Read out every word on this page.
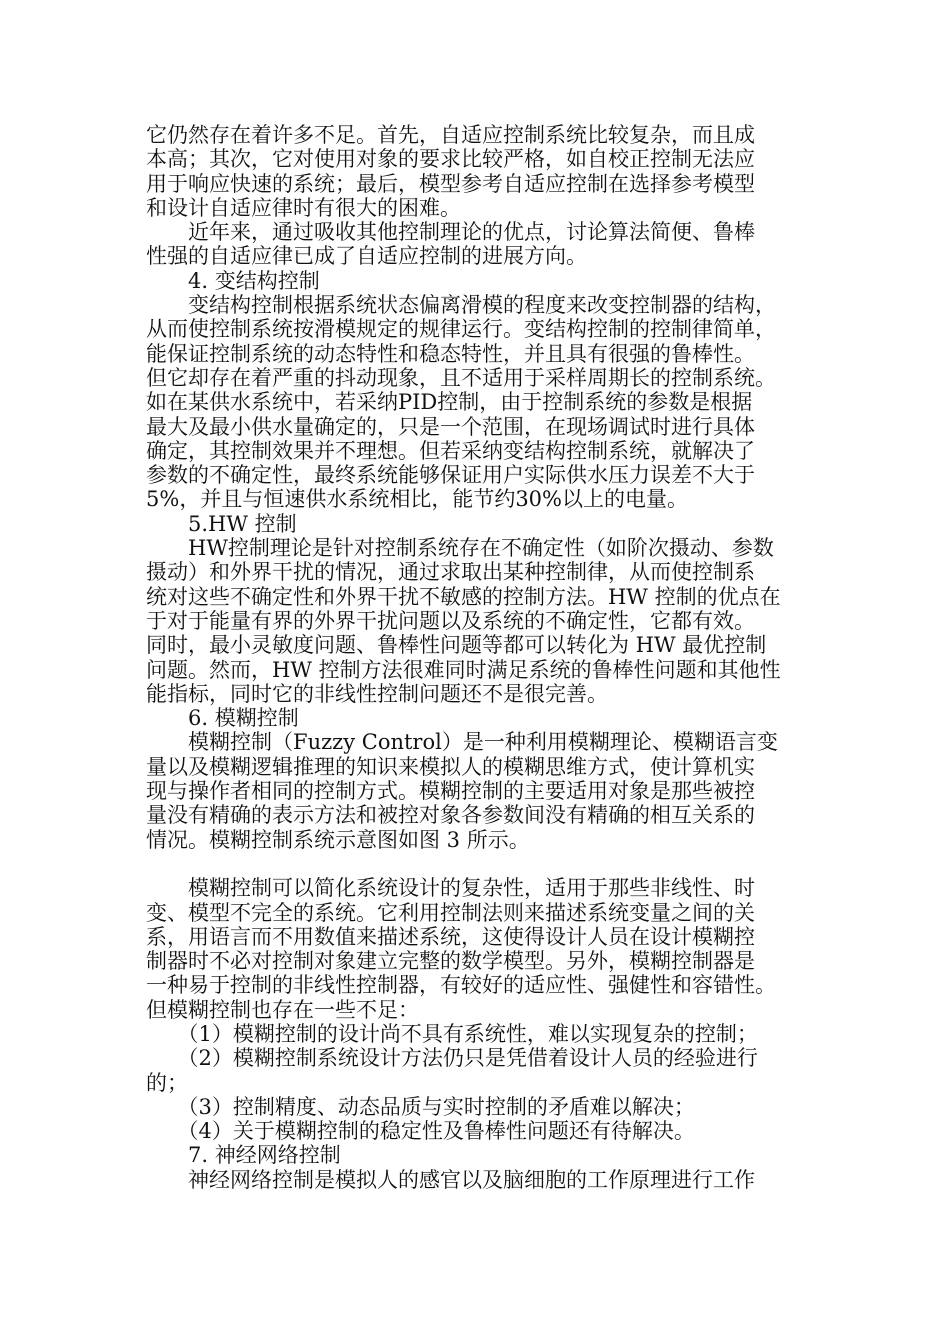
它仍然存在着许多不足。首先，自适应控制系统比较复杂，而且成
本高；其次，它对使用对象的要求比较严格，如自校正控制无法应
用于响应快速的系统；最后，模型参考自适应控制在选择参考模型
和设计自适应律时有很大的困难。
　　近年来，通过吸收其他控制理论的优点，讨论算法简便、鲁棒
性强的自适应律已成了自适应控制的进展方向。
　　4. 变结构控制
　　变结构控制根据系统状态偏离滑模的程度来改变控制器的结构，
从而使控制系统按滑模规定的规律运行。变结构控制的控制律简单，
能保证控制系统的动态特性和稳态特性，并且具有很强的鲁棒性。
但它却存在着严重的抖动现象，且不适用于采样周期长的控制系统。
如在某供水系统中，若采纳PID控制，由于控制系统的参数是根据
最大及最小供水量确定的，只是一个范围，在现场调试时进行具体
确定，其控制效果并不理想。但若采纳变结构控制系统，就解决了
参数的不确定性，最终系统能够保证用户实际供水压力误差不大于
5%，并且与恒速供水系统相比，能节约30%以上的电量。
　　5.HW 控制
　　HW控制理论是针对控制系统存在不确定性（如阶次摄动、参数
摄动）和外界干扰的情况，通过求取出某种控制律，从而使控制系
统对这些不确定性和外界干扰不敏感的控制方法。HW 控制的优点在
于对于能量有界的外界干扰问题以及系统的不确定性，它都有效。
同时，最小灵敏度问题、鲁棒性问题等都可以转化为 HW 最优控制
问题。然而，HW 控制方法很难同时满足系统的鲁棒性问题和其他性
能指标，同时它的非线性控制问题还不是很完善。
　　6. 模糊控制
　　模糊控制（Fuzzy Control）是一种利用模糊理论、模糊语言变
量以及模糊逻辑推理的知识来模拟人的模糊思维方式，使计算机实
现与操作者相同的控制方式。模糊控制的主要适用对象是那些被控
量没有精确的表示方法和被控对象各参数间没有精确的相互关系的
情况。模糊控制系统示意图如图 3 所示。
　　模糊控制可以简化系统设计的复杂性，适用于那些非线性、时
变、模型不完全的系统。它利用控制法则来描述系统变量之间的关
系，用语言而不用数值来描述系统，这使得设计人员在设计模糊控
制器时不必对控制对象建立完整的数学模型。另外，模糊控制器是
一种易于控制的非线性控制器，有较好的适应性、强健性和容错性。
但模糊控制也存在一些不足：
　　（1）模糊控制的设计尚不具有系统性，难以实现复杂的控制；
　　（2）模糊控制系统设计方法仍只是凭借着设计人员的经验进行
的；
　　（3）控制精度、动态品质与实时控制的矛盾难以解决；
　　（4）关于模糊控制的稳定性及鲁棒性问题还有待解决。
　　7. 神经网络控制
　　神经网络控制是模拟人的感官以及脑细胞的工作原理进行工作
